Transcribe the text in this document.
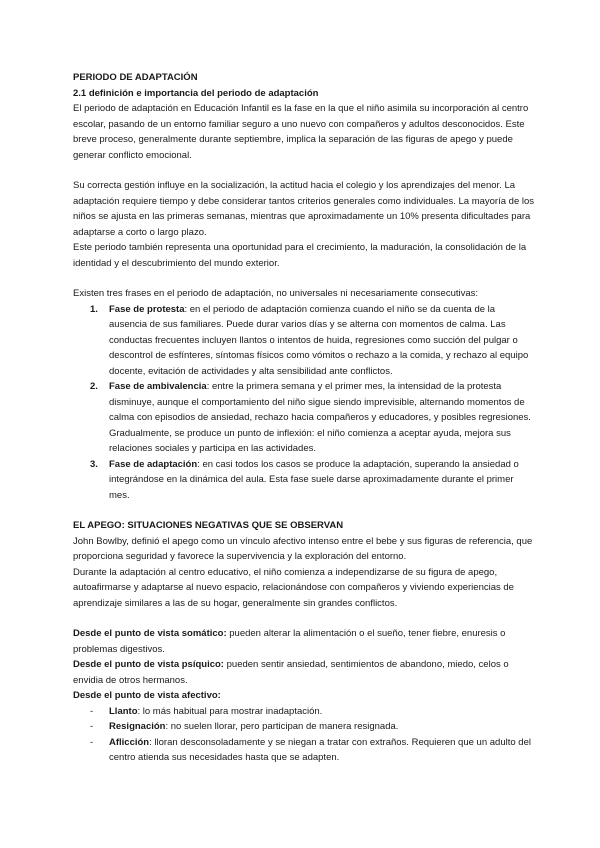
PERIODO DE ADAPTACIÓN

2.1 definición e importancia del periodo de adaptación

El periodo de adaptación en Educación Infantil es la fase en la que el niño asimila su incorporación al centro escolar, pasando de un entorno familiar seguro a uno nuevo con compañeros y adultos desconocidos. Este breve proceso, generalmente durante septiembre, implica la separación de las figuras de apego y puede generar conflicto emocional.

Su correcta gestión influye en la socialización, la actitud hacia el colegio y los aprendizajes del menor. La adaptación requiere tiempo y debe considerar tantos criterios generales como individuales. La mayoría de los niños se ajusta en las primeras semanas, mientras que aproximadamente un 10% presenta dificultades para adaptarse a corto o largo plazo.

Este periodo también representa una oportunidad para el crecimiento, la maduración, la consolidación de la identidad y el descubrimiento del mundo exterior.

Existen tres frases en el periodo de adaptación, no universales ni necesariamente consecutivas:

1. Fase de protesta: en el periodo de adaptación comienza cuando el niño se da cuenta de la ausencia de sus familiares. Puede durar varios días y se alterna con momentos de calma. Las conductas frecuentes incluyen llantos o intentos de huida, regresiones como succión del pulgar o descontrol de esfínteres, síntomas físicos como vómitos o rechazo a la comida, y rechazo al equipo docente, evitación de actividades y alta sensibilidad ante conflictos.
2. Fase de ambivalencia: entre la primera semana y el primer mes, la intensidad de la protesta disminuye, aunque el comportamiento del niño sigue siendo imprevisible, alternando momentos de calma con episodios de ansiedad, rechazo hacia compañeros y educadores, y posibles regresiones. Gradualmente, se produce un punto de inflexión: el niño comienza a aceptar ayuda, mejora sus relaciones sociales y participa en las actividades.
3. Fase de adaptación: en casi todos los casos se produce la adaptación, superando la ansiedad o integrándose en la dinámica del aula. Esta fase suele darse aproximadamente durante el primer mes.

EL APEGO: SITUACIONES NEGATIVAS QUE SE OBSERVAN

John Bowlby, definió el apego como un vínculo afectivo intenso entre el bebe y sus figuras de referencia, que proporciona seguridad y favorece la supervivencia y la exploración del entorno.

Durante la adaptación al centro educativo, el niño comienza a independizarse de su figura de apego, autoafirmarse y adaptarse al nuevo espacio, relacionándose con compañeros y viviendo experiencias de aprendizaje similares a las de su hogar, generalmente sin grandes conflictos.

Desde el punto de vista somático: pueden alterar la alimentación o el sueño, tener fiebre, enuresis o problemas digestivos.

Desde el punto de vista psíquico: pueden sentir ansiedad, sentimientos de abandono, miedo, celos o envidia de otros hermanos.

Desde el punto de vista afectivo:

- Llanto: lo más habitual para mostrar inadaptación.
- Resignación: no suelen llorar, pero participan de manera resignada.
- Aflicción: lloran desconsoladamente y se niegan a tratar con extraños. Requieren que un adulto del centro atienda sus necesidades hasta que se adapten.
